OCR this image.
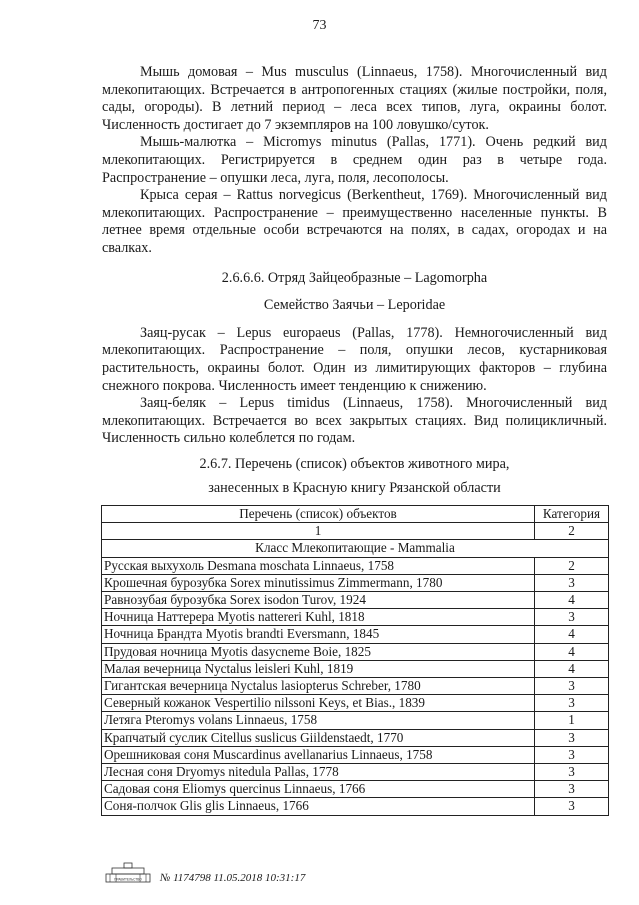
73

Мышь домовая – Mus musculus (Linnaeus, 1758). Многочисленный вид млекопитающих. Встречается в антропогенных стациях (жилые постройки, поля, сады, огороды). В летний период – леса всех типов, луга, окраины болот. Численность достигает до 7 экземпляров на 100 ловушко/суток.

Мышь-малютка – Micromys minutus (Pallas, 1771). Очень редкий вид млекопитающих. Регистрируется в среднем один раз в четыре года. Распространение – опушки леса, луга, поля, лесополосы.

Крыса серая – Rattus norvegicus (Berkentheut, 1769). Многочисленный вид млекопитающих. Распространение – преимущественно населенные пункты. В летнее время отдельные особи встречаются на полях, в садах, огородах и на свалках.

2.6.6.6. Отряд Зайцеобразные – Lagomorpha

Семейство Заячьи – Leporidae

Заяц-русак – Lepus europaeus (Pallas, 1778). Немногочисленный вид млекопитающих. Распространение – поля, опушки лесов, кустарниковая растительность, окраины болот. Один из лимитирующих факторов – глубина снежного покрова. Численность имеет тенденцию к снижению.

Заяц-беляк – Lepus timidus (Linnaeus, 1758). Многочисленный вид млекопитающих. Встречается во всех закрытых стациях. Вид полицикличный. Численность сильно колеблется по годам.

2.6.7. Перечень (список) объектов животного мира,
занесенных в Красную книгу Рязанской области
Перечень (список) объектов	Категория
1	2
Класс Млекопитающие - Mammalia	
Русская выхухоль Desmana moschata Linnaeus, 1758	2
Крошечная бурозубка Sorex minutissimus Zimmermann, 1780	3
Равнозубая бурозубка Sorex isodon Turov, 1924	4
Ночница Наттерера Myotis nattereri Kuhl, 1818	3
Ночница Брандта Myotis brandti Eversmann, 1845	4
Прудовая ночница Myotis dasycneme Boie, 1825	4
Малая вечерница Nyctalus leisleri Kuhl, 1819	4
Гигантская вечерница Nyctalus lasiopterus Schreber, 1780	3
Северный кожанок Vespertilio nilssoni Keys, et Bias., 1839	3
Летяга Pteromys volans Linnaeus, 1758	1
Крапчатый суслик Citellus suslicus Giildenstaedt, 1770	3
Орешниковая соня Muscardinus avellanarius Linnaeus, 1758	3
Лесная соня Dryomys nitedula Pallas, 1778	3
Садовая соня Eliomys quercinus Linnaeus, 1766	3
Соня-полчок Glis glis Linnaeus, 1766	3
ПРАВИТЕЛЬСТВО № 1174798 11.05.2018 10:31:17
